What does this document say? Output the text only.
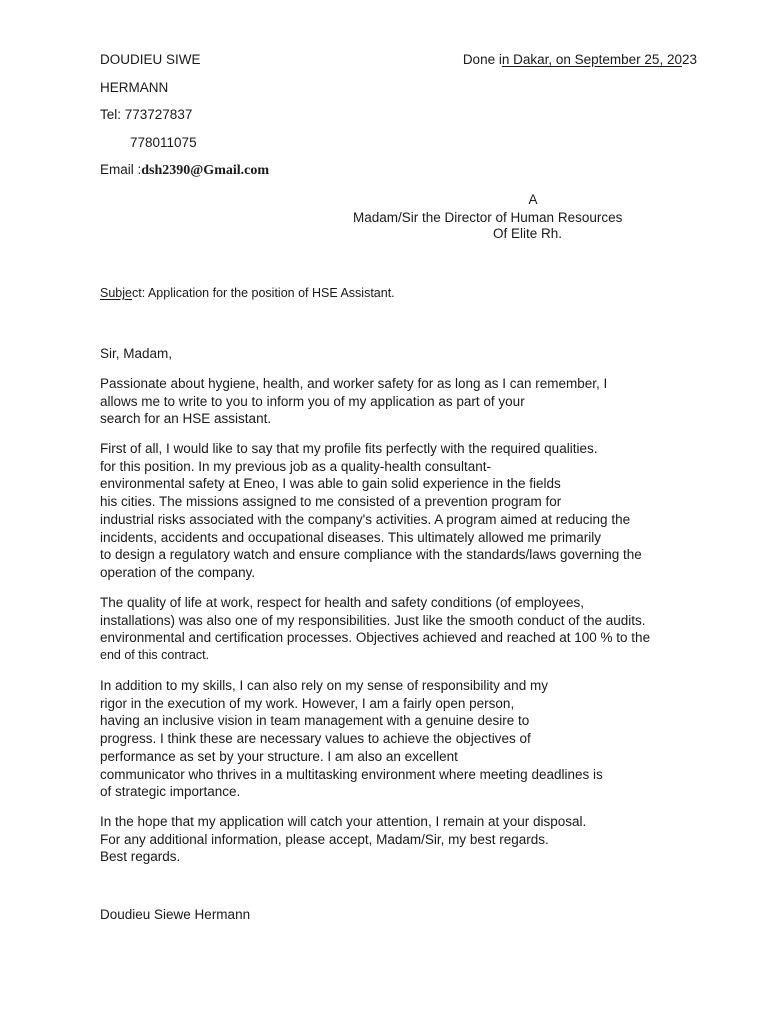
DOUDIEU SIWE
HERMANN
Tel: 773727837
778011075
Email :dsh2390@Gmail.com
Done in Dakar, on September 25, 2023
A
Madam/Sir the Director of Human Resources
Of Elite Rh.
Subject: Application for the position of HSE Assistant.
Sir, Madam,
Passionate about hygiene, health, and worker safety for as long as I can remember, I
allows me to write to you to inform you of my application as part of your
search for an HSE assistant.
First of all, I would like to say that my profile fits perfectly with the required qualities.
for this position. In my previous job as a quality-health consultant-
environmental safety at Eneo, I was able to gain solid experience in the fields
his cities. The missions assigned to me consisted of a prevention program for
industrial risks associated with the company's activities. A program aimed at reducing the
incidents, accidents and occupational diseases. This ultimately allowed me primarily
to design a regulatory watch and ensure compliance with the standards/laws governing the
operation of the company.
The quality of life at work, respect for health and safety conditions (of employees,
installations) was also one of my responsibilities. Just like the smooth conduct of the audits.
environmental and certification processes. Objectives achieved and reached at 100 % to the
end of this contract.
In addition to my skills, I can also rely on my sense of responsibility and my
rigor in the execution of my work. However, I am a fairly open person,
having an inclusive vision in team management with a genuine desire to
progress. I think these are necessary values to achieve the objectives of
performance as set by your structure. I am also an excellent
communicator who thrives in a multitasking environment where meeting deadlines is
of strategic importance.
In the hope that my application will catch your attention, I remain at your disposal.
For any additional information, please accept, Madam/Sir, my best regards.
Best regards.
Doudieu Siewe Hermann
